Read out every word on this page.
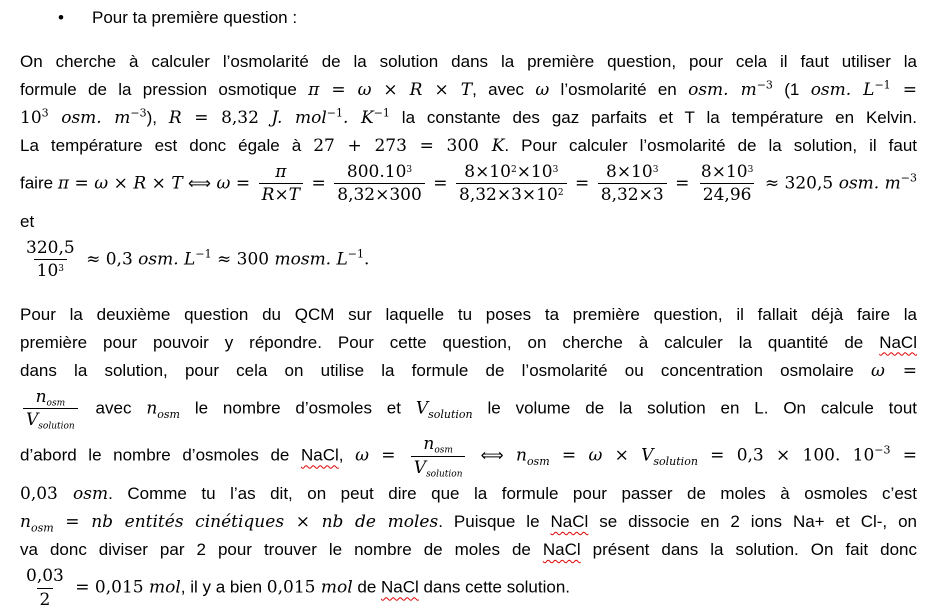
•	Pour ta première question :
On cherche à calculer l’osmolarité de la solution dans la première question, pour cela il faut utiliser la
formule de la pression osmotique π = ω × R × T, avec ω l’osmolarité en osm. $m^{-3}$ (1 osm. $L^{-1}$ =
$10^3$ osm. $m^{-3}$), R = 8,32 J. mol$^{-1}$. $K^{-1}$ la constante des gaz parfaits et T la température en Kelvin.
La température est donc égale à 27 + 273 = 300 K. Pour calculer l’osmolarité de la solution, il faut
faire π = ω × R × T ⟺ $\omega = \frac{\pi}{R\times T} = \frac{800.10^3}{8,32\times 300} = \frac{8\times 10^2\times 10^3}{8,32\times 3\times 10^2} = \frac{8\times 10^3}{8,32\times 3} = \frac{8\times 10^3}{24,96} \approx 320,5$ osm. $m^{-3}$ et
$\frac{320,5}{10^3} \approx 0,3$ osm. $L^{-1} \approx 300$ mosm. $L^{-1}$.
Pour la deuxième question du QCM sur laquelle tu poses ta première question, il fallait déjà faire la
première pour pouvoir y répondre. Pour cette question, on cherche à calculer la quantité de NaCl
dans la solution, pour cela on utilise la formule de l’osmolarité ou concentration osmolaire ω =
$\frac{n_{osm}}{V_{solution}}$ avec $n_{osm}$ le nombre d’osmoles et $V_{solution}$ le volume de la solution en L. On calcule tout
d’abord le nombre d’osmoles de NaCl, $\omega = \frac{n_{osm}}{V_{solution}}$ ⟺ $n_{osm} = \omega \times V_{solution} = 0,3 \times 100$. $10^{-3}$ =
0,03 osm. Comme tu l’as dit, on peut dire que la formule pour passer de moles à osmoles c’est
$n_{osm}$ = nb entités cinétiques × nb de moles. Puisque le NaCl se dissocie en 2 ions Na+ et Cl-, on
va donc diviser par 2 pour trouver le nombre de moles de NaCl présent dans la solution. On fait donc
$\frac{0,03}{2} = 0,015$ mol, il y a bien 0,015 mol de NaCl dans cette solution.
